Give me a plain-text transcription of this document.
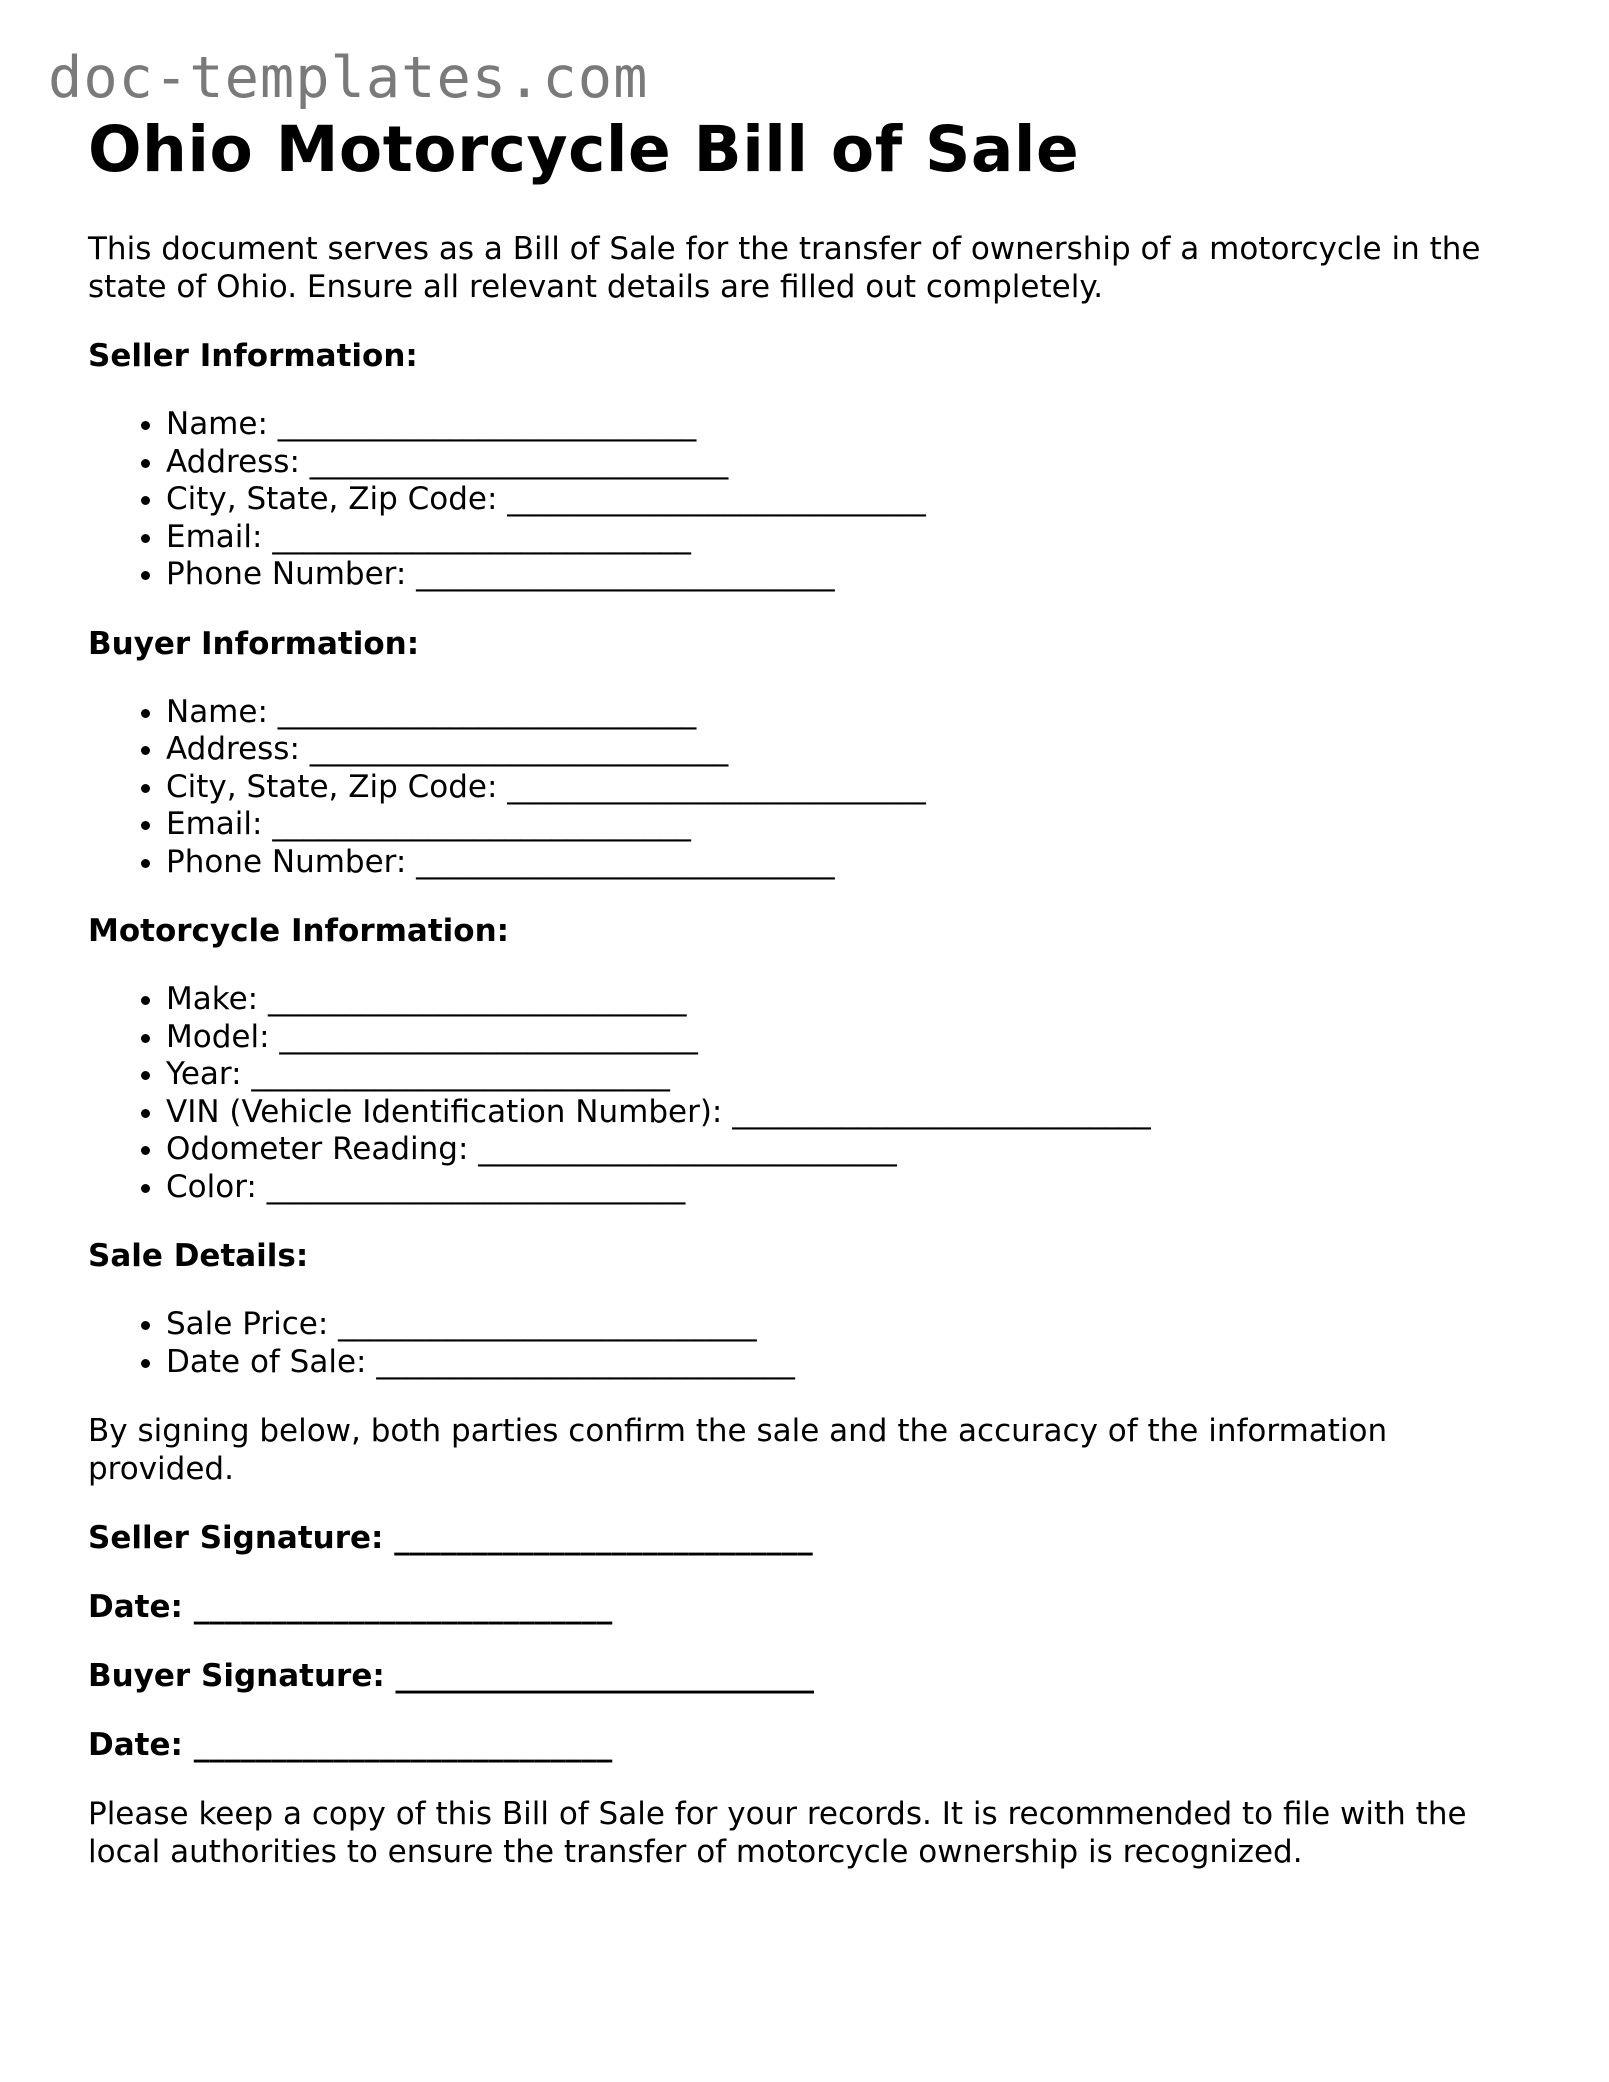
doc-templates.com
Ohio Motorcycle Bill of Sale

This document serves as a Bill of Sale for the transfer of ownership of a motorcycle in the state of Ohio. Ensure all relevant details are filled out completely.

Seller Information:
• Name: ___________________________
• Address: ___________________________
• City, State, Zip Code: ___________________________
• Email: ___________________________
• Phone Number: ___________________________
Buyer Information:
• Name: ___________________________
• Address: ___________________________
• City, State, Zip Code: ___________________________
• Email: ___________________________
• Phone Number: ___________________________
Motorcycle Information:
• Make: ___________________________
• Model: ___________________________
• Year: ___________________________
• VIN (Vehicle Identification Number): ___________________________
• Odometer Reading: ___________________________
• Color: ___________________________
Sale Details:
• Sale Price: ___________________________
• Date of Sale: ___________________________

By signing below, both parties confirm the sale and the accuracy of the information provided.

Seller Signature: ___________________________
Date: ___________________________
Buyer Signature: ___________________________
Date: ___________________________

Please keep a copy of this Bill of Sale for your records. It is recommended to file with the local authorities to ensure the transfer of motorcycle ownership is recognized.
